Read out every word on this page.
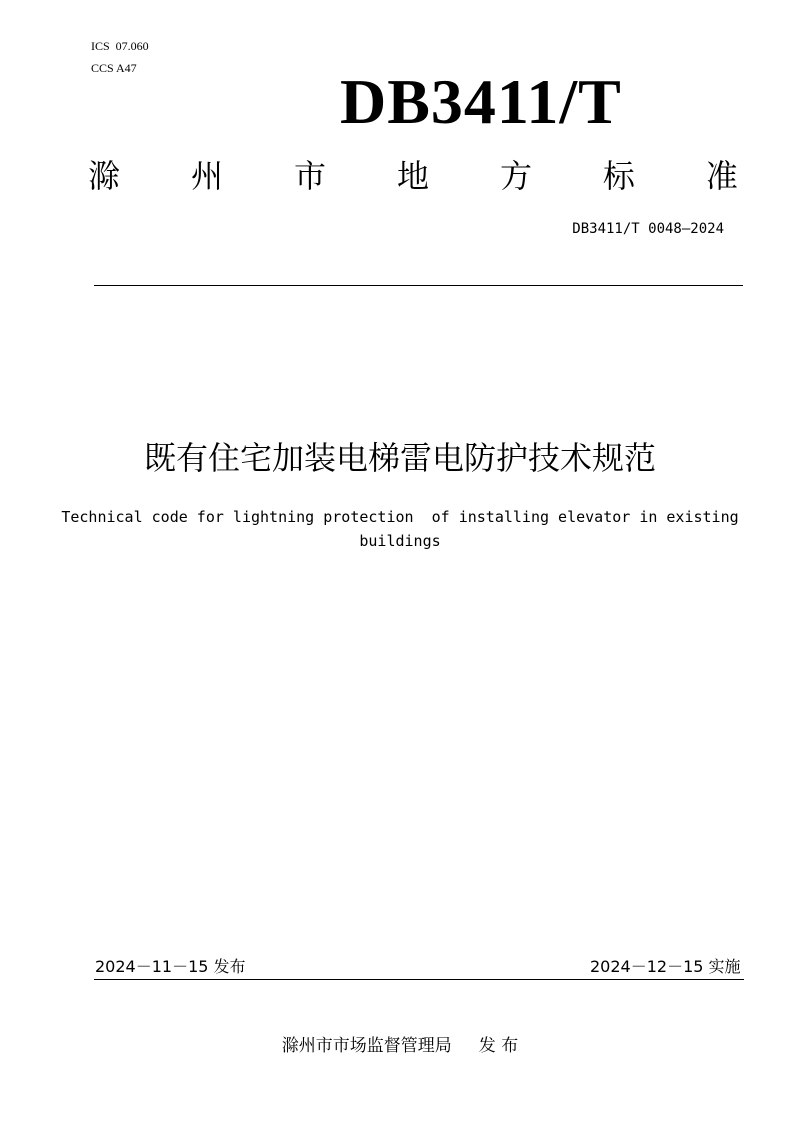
ICS  07.060
CCS A47	DB3411/T
滁 州 市 地 方 标 准
DB3411/T 0048—2024
既有住宅加装电梯雷电防护技术规范
Technical code for lightning protection  of installing elevator in existing buildings
2024－11－15 发布	2024－12－15 实施
滁州市市场监督管理局     发 布
